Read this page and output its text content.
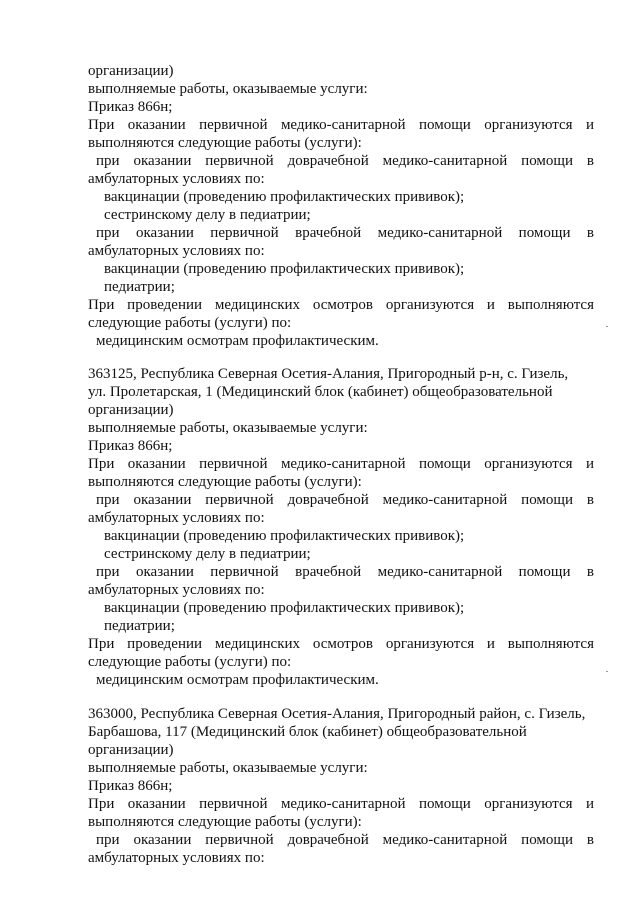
организации)
выполняемые работы, оказываемые услуги:
Приказ 866н;
При оказании первичной медико-санитарной помощи организуются и
выполняются следующие работы (услуги):
при оказании первичной доврачебной медико-санитарной помощи в
амбулаторных условиях по:
вакцинации (проведению профилактических прививок);
сестринскому делу в педиатрии;
при оказании первичной врачебной медико-санитарной помощи в
амбулаторных условиях по:
вакцинации (проведению профилактических прививок);
педиатрии;
При проведении медицинских осмотров организуются и выполняются
следующие работы (услуги) по:
медицинским осмотрам профилактическим.
363125, Республика Северная Осетия-Алания, Пригородный р-н, с. Гизель,
ул. Пролетарская, 1 (Медицинский блок (кабинет) общеобразовательной
организации)
выполняемые работы, оказываемые услуги:
Приказ 866н;
При оказании первичной медико-санитарной помощи организуются и
выполняются следующие работы (услуги):
при оказании первичной доврачебной медико-санитарной помощи в
амбулаторных условиях по:
вакцинации (проведению профилактических прививок);
сестринскому делу в педиатрии;
при оказании первичной врачебной медико-санитарной помощи в
амбулаторных условиях по:
вакцинации (проведению профилактических прививок);
педиатрии;
При проведении медицинских осмотров организуются и выполняются
следующие работы (услуги) по:
медицинским осмотрам профилактическим.
363000, Республика Северная Осетия-Алания, Пригородный район, с. Гизель,
Барбашова, 117 (Медицинский блок (кабинет) общеобразовательной
организации)
выполняемые работы, оказываемые услуги:
Приказ 866н;
При оказании первичной медико-санитарной помощи организуются и
выполняются следующие работы (услуги):
при оказании первичной доврачебной медико-санитарной помощи в
амбулаторных условиях по:
